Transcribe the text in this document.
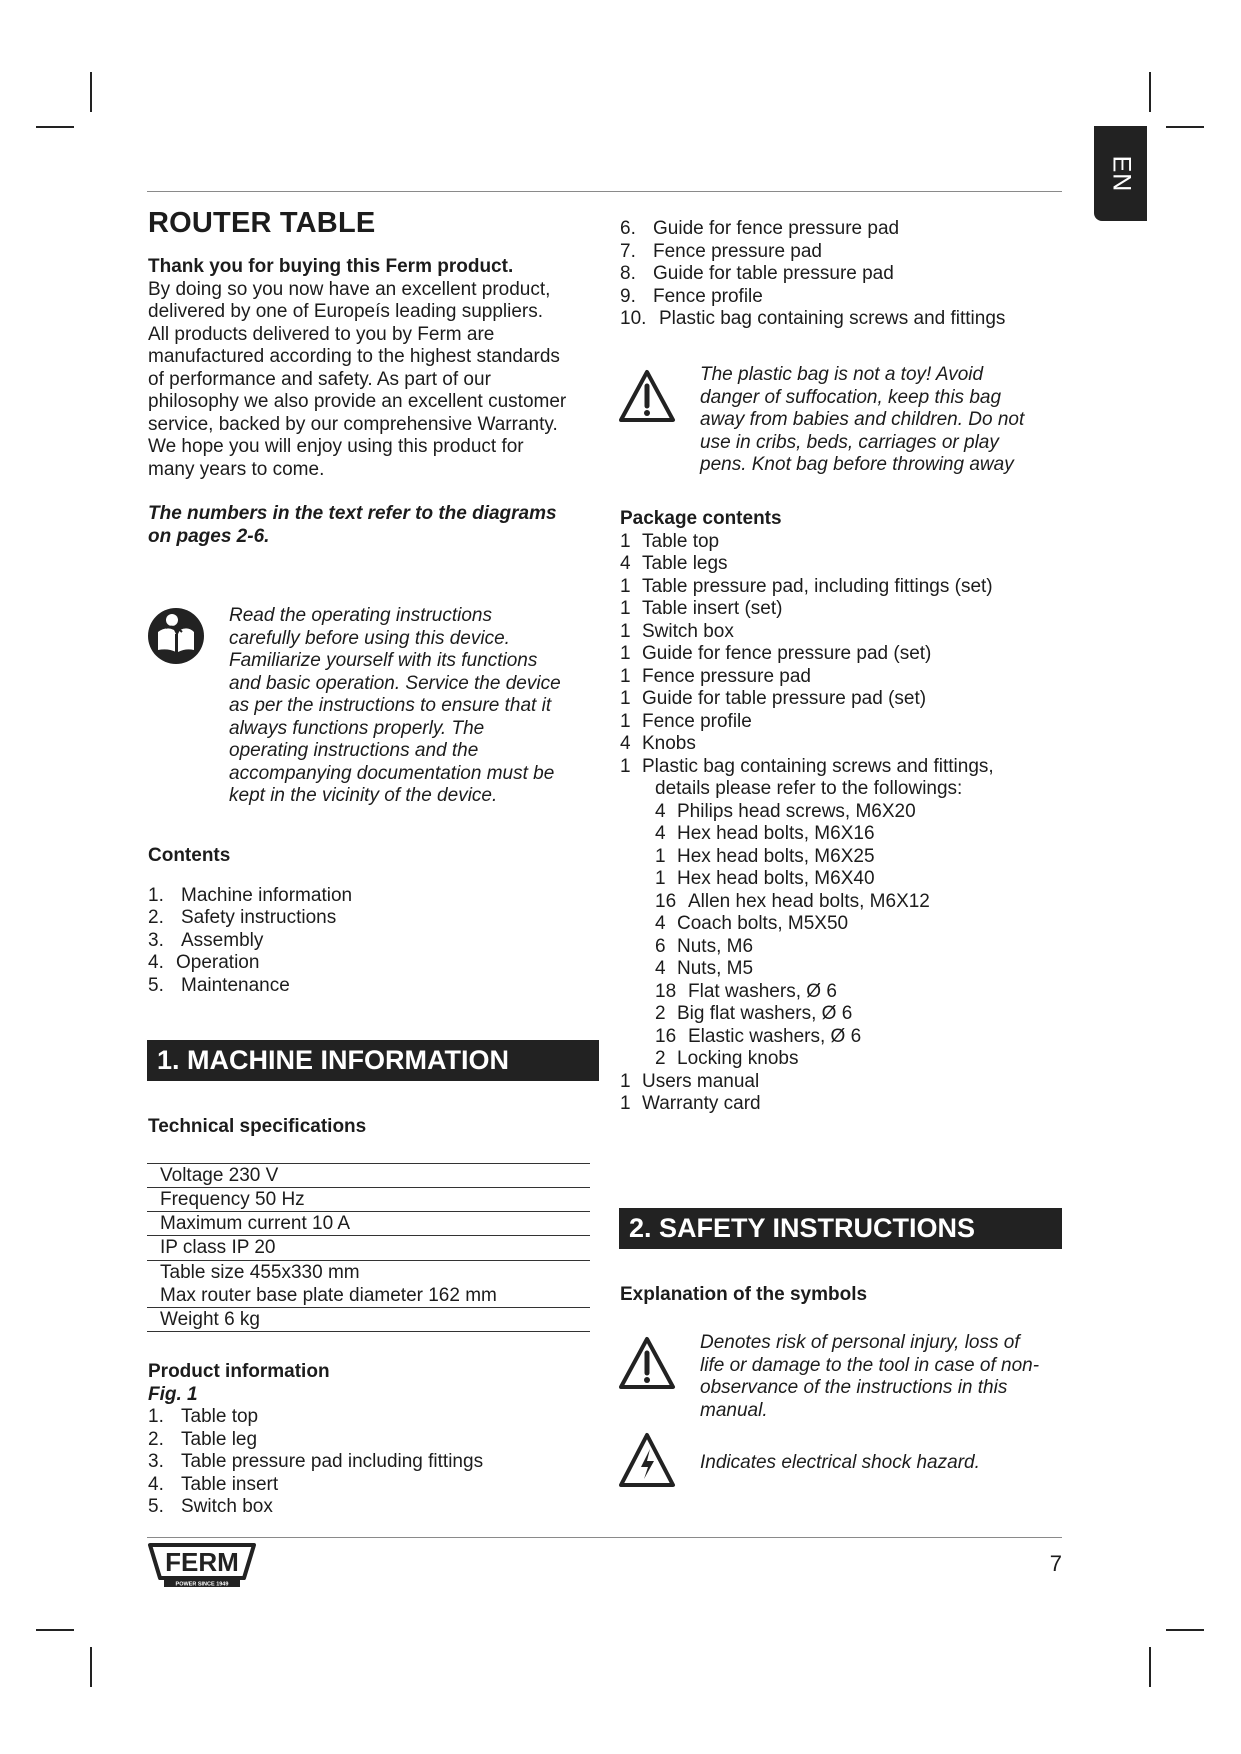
EN
ROUTER TABLE

Thank you for buying this Ferm product.

By doing so you now have an excellent product,

delivered by one of Europeís leading suppliers.

All products delivered to you by Ferm are

manufactured according to the highest standards

of performance and safety. As part of our

philosophy we also provide an excellent customer

service, backed by our comprehensive Warranty.

We hope you will enjoy using this product for

many years to come.

The numbers in the text refer to the diagrams

on pages 2-6.

Read the operating instructions

carefully before using this device.

Familiarize yourself with its functions

and basic operation. Service the device

as per the instructions to ensure that it

always functions properly. The

operating instructions and the

accompanying documentation must be

kept in the vicinity of the device.

Contents

1. Machine information

2. Safety instructions

3. Assembly

4. Operation

5. Maintenance

1. MACHINE INFORMATION

Technical specifications

Voltage 230 V
Frequency 50 Hz
Maximum current 10 A
IP class IP 20
Table size 455x330 mm
Max router base plate diameter 162 mm
Weight 6 kg

Product information

Fig. 1

1. Table top

2. Table leg

3. Table pressure pad including fittings

4. Table insert

5. Switch box

6. Guide for fence pressure pad

7. Fence pressure pad

8. Guide for table pressure pad

9. Fence profile

10. Plastic bag containing screws and fittings

The plastic bag is not a toy! Avoid

danger of suffocation, keep this bag

away from babies and children. Do not

use in cribs, beds, carriages or play

pens. Knot bag before throwing away

Package contents

1 Table top

4 Table legs

1 Table pressure pad, including fittings (set)

1 Table insert (set)

1 Switch box

1 Guide for fence pressure pad (set)

1 Fence pressure pad

1 Guide for table pressure pad (set)

1 Fence profile

4 Knobs

1 Plastic bag containing screws and fittings,

details please refer to the followings:

4 Philips head screws, M6X20

4 Hex head bolts, M6X16

1 Hex head bolts, M6X25

1 Hex head bolts, M6X40

16 Allen hex head bolts, M6X12

4 Coach bolts, M5X50

6 Nuts, M6

4 Nuts, M5

18 Flat washers, Ø 6

2 Big flat washers, Ø 6

16 Elastic washers, Ø 6

2 Locking knobs

1 Users manual

1 Warranty card

2. SAFETY INSTRUCTIONS

Explanation of the symbols

Denotes risk of personal injury, loss of

life or damage to the tool in case of non-

observance of the instructions in this

manual.

Indicates electrical shock hazard.

FERM
POWER SINCE 1949
7
